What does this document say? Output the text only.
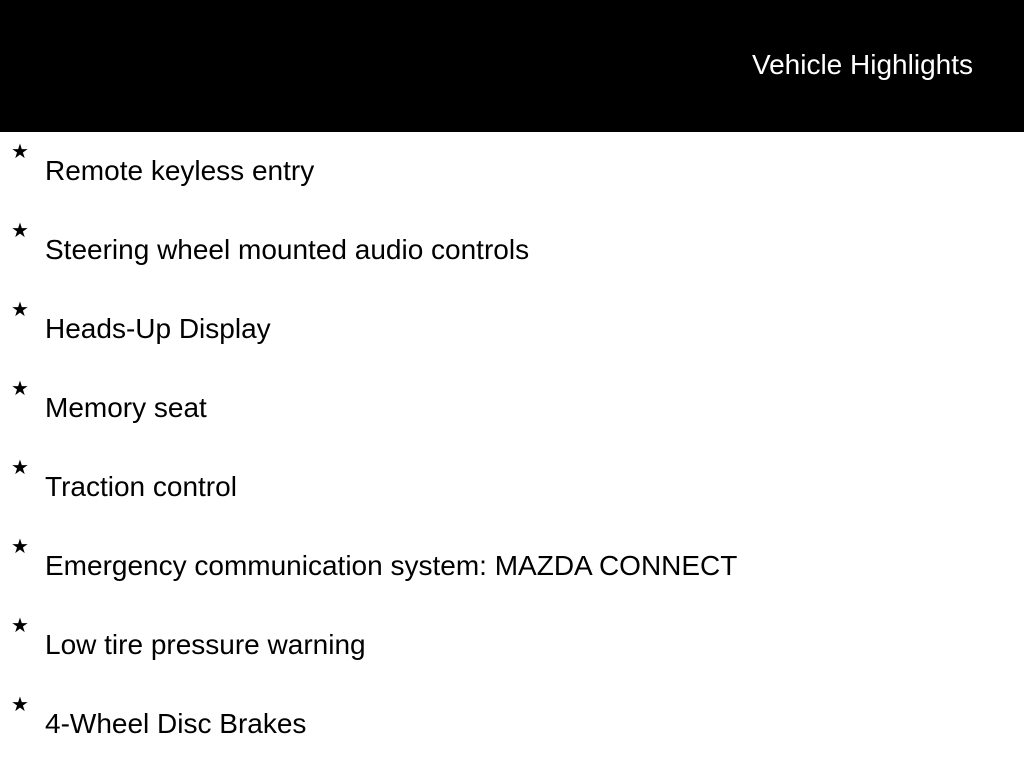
Vehicle Highlights
★
Remote keyless entry
★
Steering wheel mounted audio controls
★
Heads-Up Display
★
Memory seat
★
Traction control
★
Emergency communication system: MAZDA CONNECT
★
Low tire pressure warning
★
4-Wheel Disc Brakes
